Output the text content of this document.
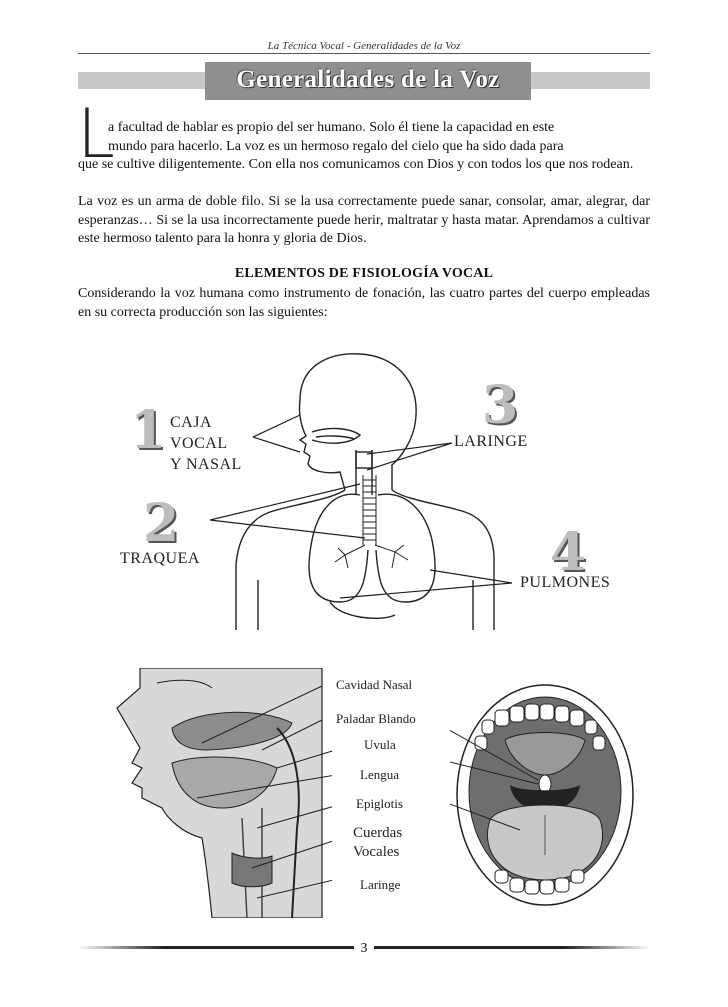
La Técnica Vocal - Generalidades de la Voz
Generalidades de la Voz
L
a facultad de hablar es propio del ser humano. Solo él tiene la capacidad en este
mundo para hacerlo. La voz es un hermoso regalo del cielo que ha sido dada para
que se cultive diligentemente. Con ella nos comunicamos con Dios y con todos los que nos rodean.
La voz es un arma de doble filo. Si se la usa correctamente puede sanar, consolar, amar, alegrar, dar esperanzas… Si se la usa incorrectamente puede herir, maltratar y hasta matar. Aprendamos a cultivar este hermoso talento para la honra y gloria de Dios.
ELEMENTOS DE FISIOLOGÍA VOCAL
Considerando la voz humana como instrumento de fonación, las cuatro partes del cuerpo empleadas en su correcta producción son las siguientes:
1 CAJA
VOCAL
Y NASAL
2
TRAQUEA
3
LARINGE
4
PULMONES
Cavidad Nasal
Paladar Blando
Uvula
Lengua
Epiglotis
Cuerdas
Vocales
Laringe
3
